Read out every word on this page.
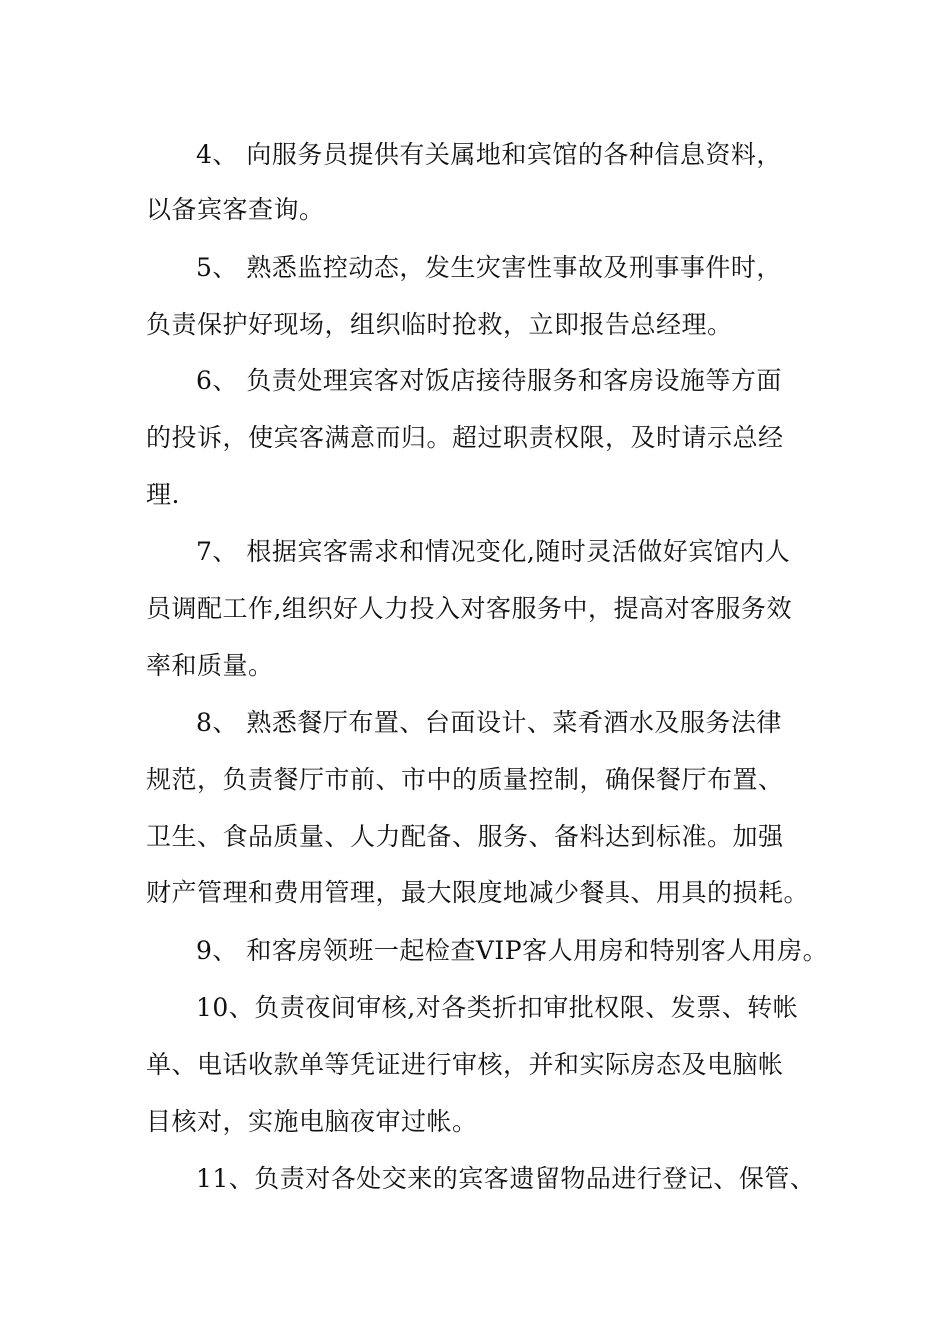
4、 向服务员提供有关属地和宾馆的各种信息资料，
以备宾客查询。
5、 熟悉监控动态，发生灾害性事故及刑事事件时，
负责保护好现场，组织临时抢救，立即报告总经理。
6、 负责处理宾客对饭店接待服务和客房设施等方面
的投诉，使宾客满意而归。超过职责权限，及时请示总经
理.
7、 根据宾客需求和情况变化,随时灵活做好宾馆内人
员调配工作,组织好人力投入对客服务中，提高对客服务效
率和质量。
8、 熟悉餐厅布置、台面设计、菜肴酒水及服务法律
规范，负责餐厅市前、市中的质量控制，确保餐厅布置、
卫生、食品质量、人力配备、服务、备料达到标准。加强
财产管理和费用管理，最大限度地减少餐具、用具的损耗。
9、 和客房领班一起检查VIP客人用房和特别客人用房。
10、负责夜间审核,对各类折扣审批权限、发票、转帐
单、电话收款单等凭证进行审核，并和实际房态及电脑帐
目核对，实施电脑夜审过帐。
11、负责对各处交来的宾客遗留物品进行登记、保管、
